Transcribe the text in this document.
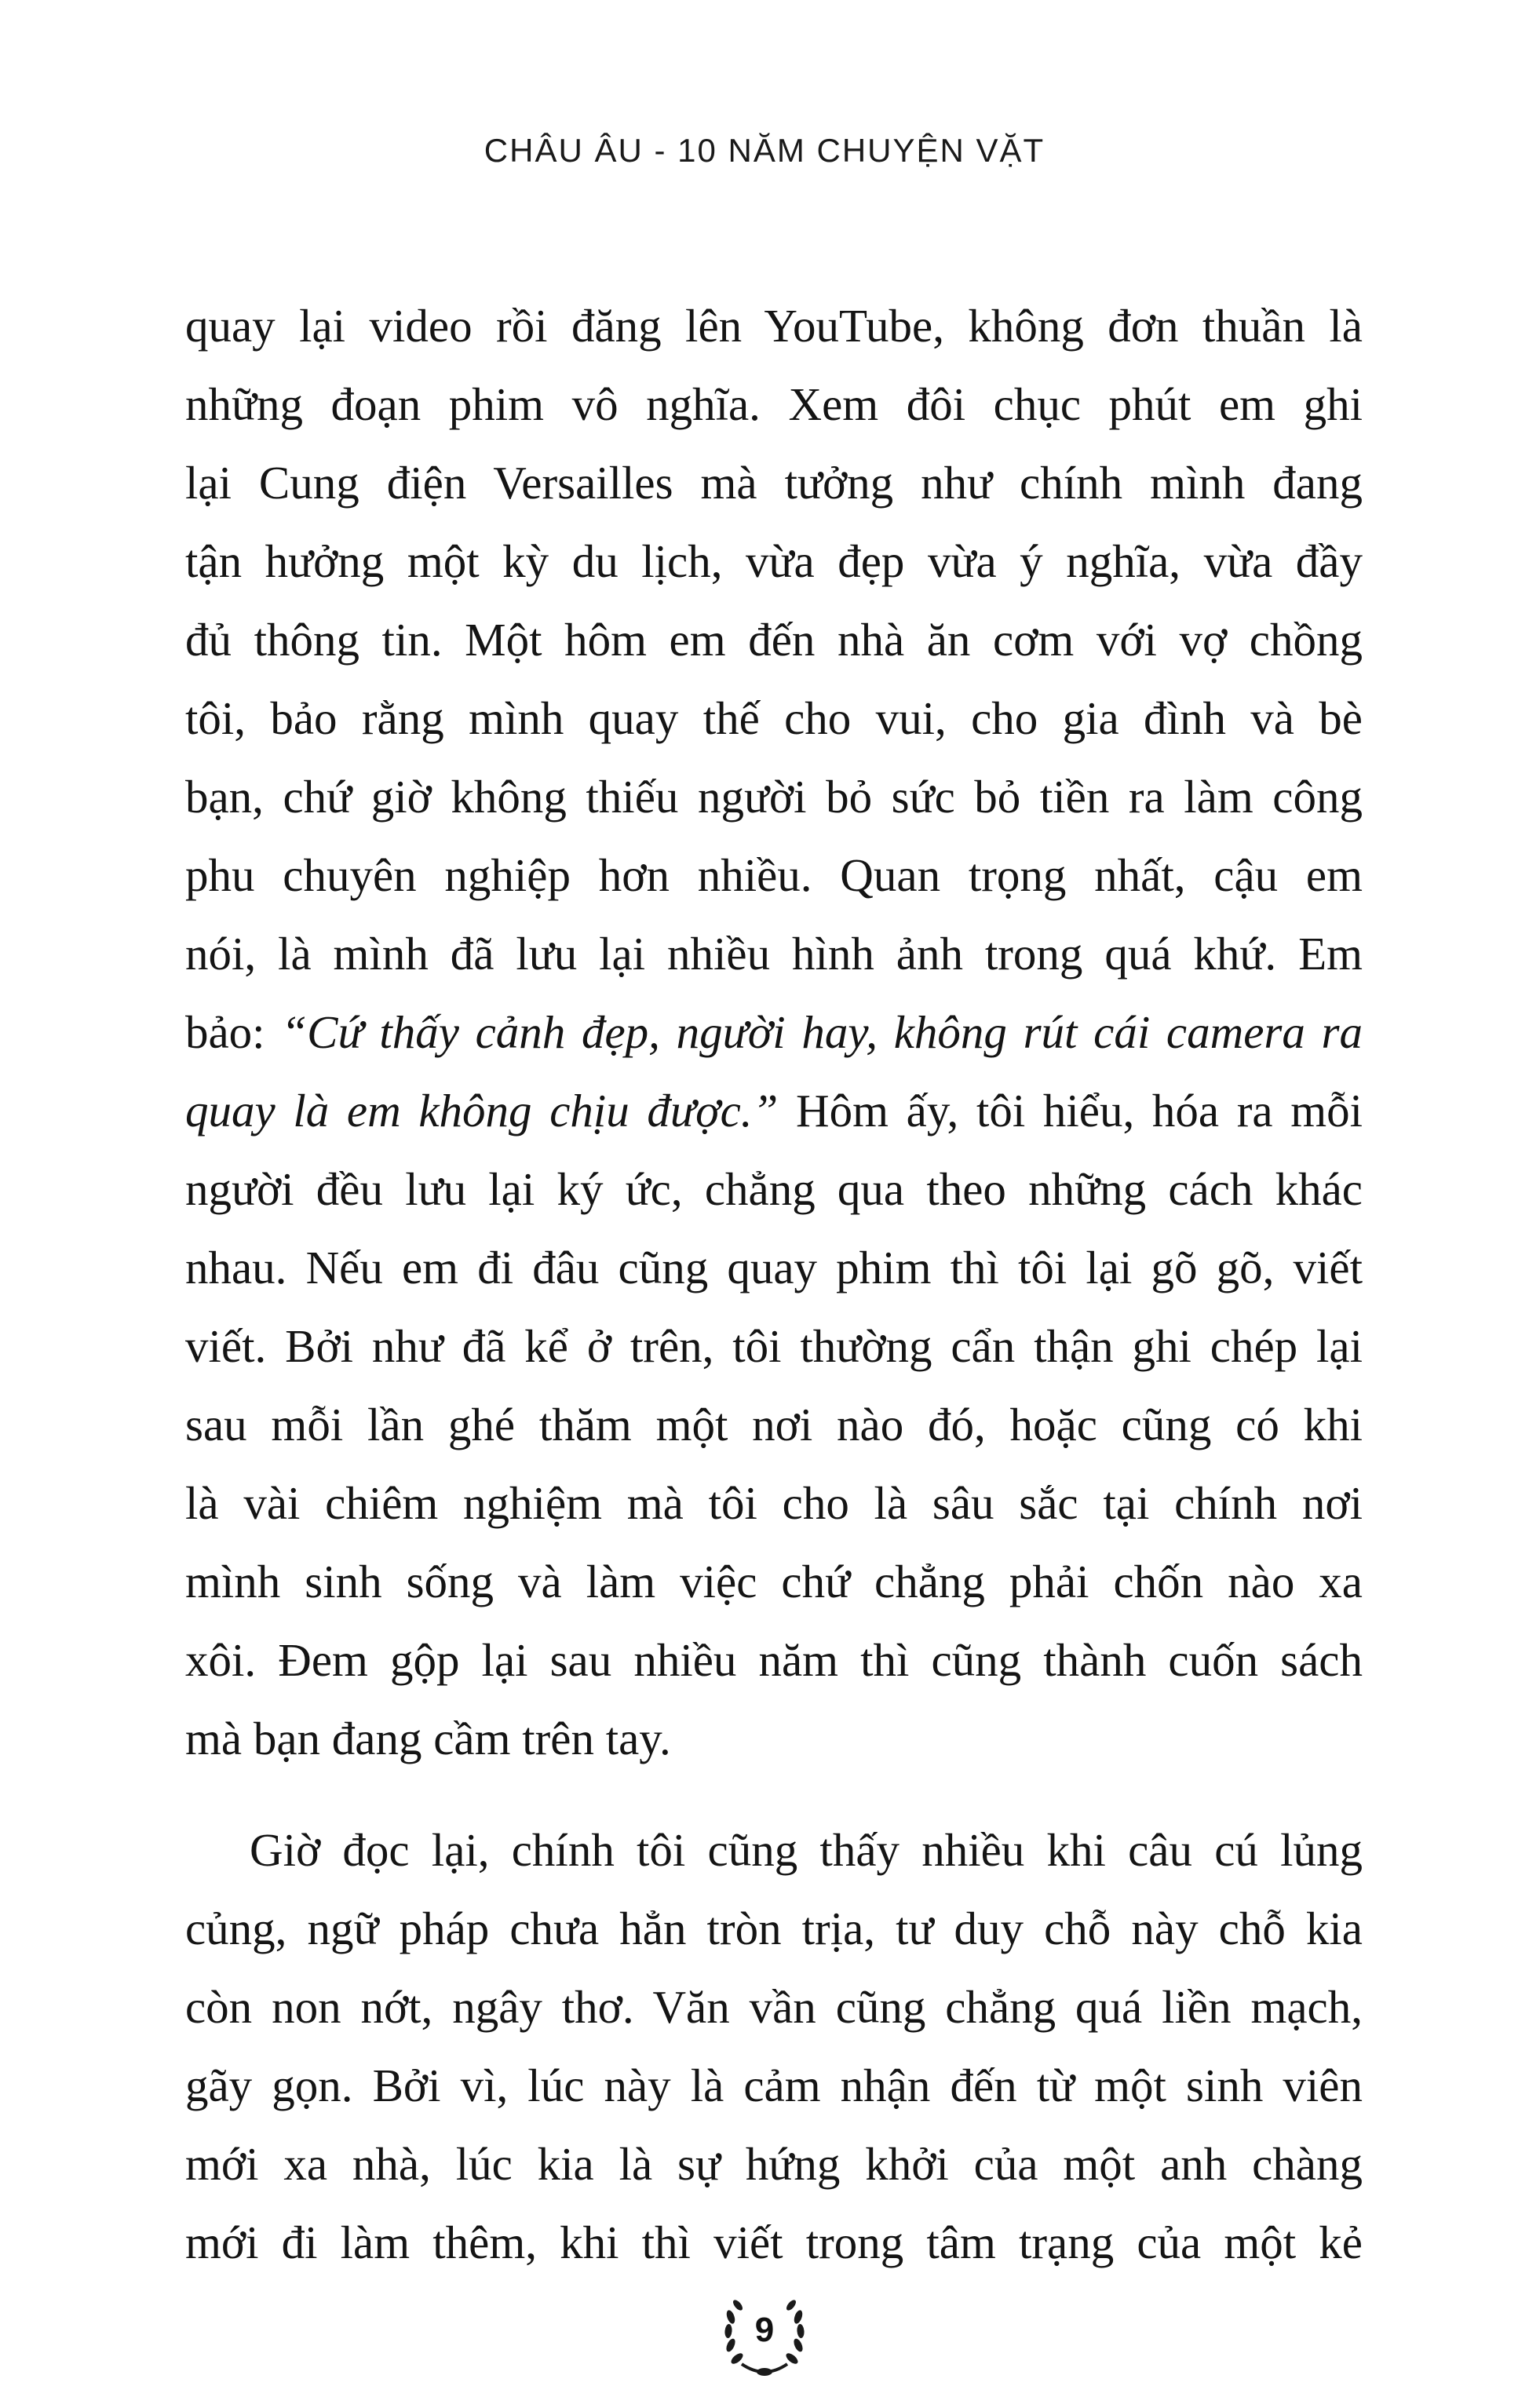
CHÂU ÂU - 10 NĂM CHUYỆN VẶT
quay lại video rồi đăng lên YouTube, không đơn thuần là
những đoạn phim vô nghĩa. Xem đôi chục phút em ghi
lại Cung điện Versailles mà tưởng như chính mình đang
tận hưởng một kỳ du lịch, vừa đẹp vừa ý nghĩa, vừa đầy
đủ thông tin. Một hôm em đến nhà ăn cơm với vợ chồng
tôi, bảo rằng mình quay thế cho vui, cho gia đình và bè
bạn, chứ giờ không thiếu người bỏ sức bỏ tiền ra làm công
phu chuyên nghiệp hơn nhiều. Quan trọng nhất, cậu em
nói, là mình đã lưu lại nhiều hình ảnh trong quá khứ. Em
bảo: “Cứ thấy cảnh đẹp, người hay, không rút cái camera ra
quay là em không chịu được.” Hôm ấy, tôi hiểu, hóa ra mỗi
người đều lưu lại ký ức, chẳng qua theo những cách khác
nhau. Nếu em đi đâu cũng quay phim thì tôi lại gõ gõ, viết
viết. Bởi như đã kể ở trên, tôi thường cẩn thận ghi chép lại
sau mỗi lần ghé thăm một nơi nào đó, hoặc cũng có khi
là vài chiêm nghiệm mà tôi cho là sâu sắc tại chính nơi
mình sinh sống và làm việc chứ chẳng phải chốn nào xa
xôi. Đem gộp lại sau nhiều năm thì cũng thành cuốn sách
mà bạn đang cầm trên tay.
Giờ đọc lại, chính tôi cũng thấy nhiều khi câu cú lủng
củng, ngữ pháp chưa hẳn tròn trịa, tư duy chỗ này chỗ kia
còn non nớt, ngây thơ. Văn vần cũng chẳng quá liền mạch,
gãy gọn. Bởi vì, lúc này là cảm nhận đến từ một sinh viên
mới xa nhà, lúc kia là sự hứng khởi của một anh chàng
mới đi làm thêm, khi thì viết trong tâm trạng của một kẻ
9
